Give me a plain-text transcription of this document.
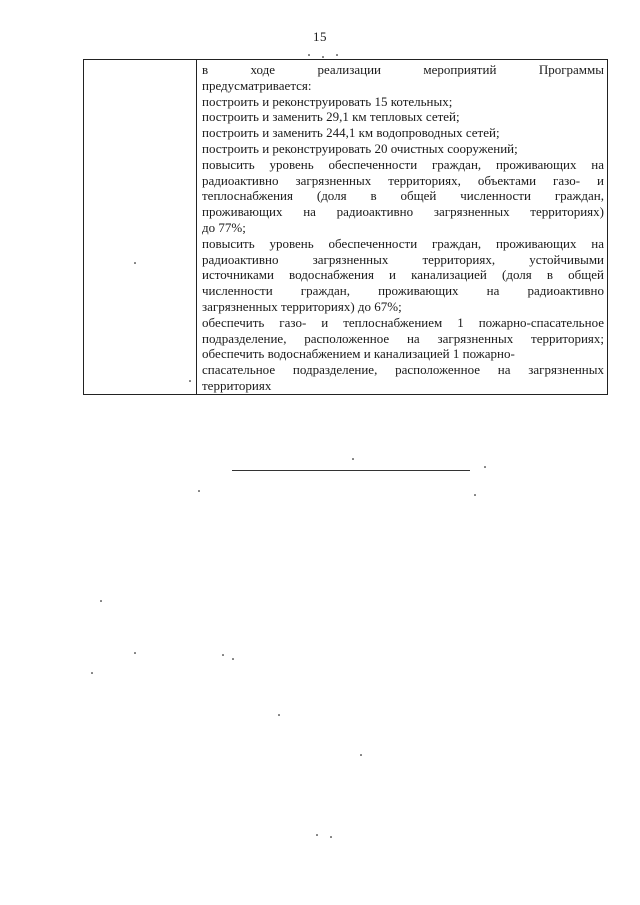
15

в ходе реализации мероприятий Программы
предусматривается:
построить и реконструировать 15 котельных;
построить и заменить 29,1 км тепловых сетей;
построить и заменить 244,1 км водопроводных сетей;
построить и реконструировать 20 очистных сооружений;
повысить уровень обеспеченности граждан, проживающих на
радиоактивно загрязненных территориях, объектами газо- и
теплоснабжения (доля в общей численности граждан,
проживающих на радиоактивно загрязненных территориях)
до 77%;
повысить уровень обеспеченности граждан, проживающих на
радиоактивно загрязненных территориях, устойчивыми
источниками водоснабжения и канализацией (доля в общей
численности граждан, проживающих на радиоактивно
загрязненных территориях) до 67%;
обеспечить газо- и теплоснабжением 1 пожарно-спасательное
подразделение, расположенное на загрязненных территориях;
обеспечить водоснабжением и канализацией 1 пожарно-
спасательное подразделение, расположенное на загрязненных
территориях
